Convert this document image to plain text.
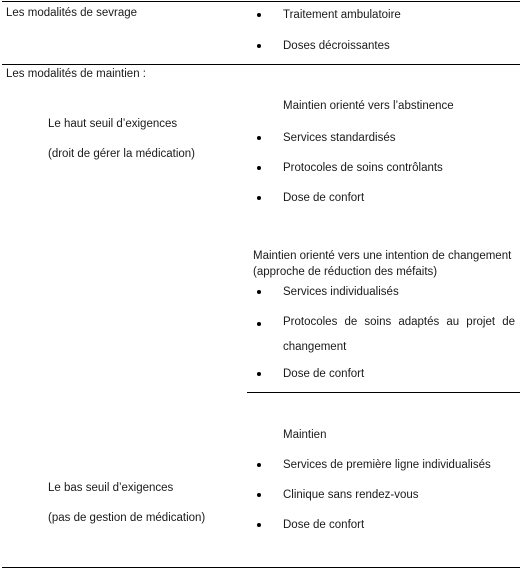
Les modalités de sevrage	Traitement ambulatoire
Doses décroissantes
Les modalités de maintien :
Le haut seuil d’exigences
(droit de gérer la médication)
Maintien orienté vers l’abstinence
Services standardisés
Protocoles de soins contrôlants
Dose de confort
Maintien orienté vers une intention de changement (approche de réduction des méfaits)
Services individualisés
Protocoles de soins adaptés au projet de changement
Dose de confort
Le bas seuil d’exigences
(pas de gestion de médication)
Maintien
Services de première ligne individualisés
Clinique sans rendez-vous
Dose de confort
